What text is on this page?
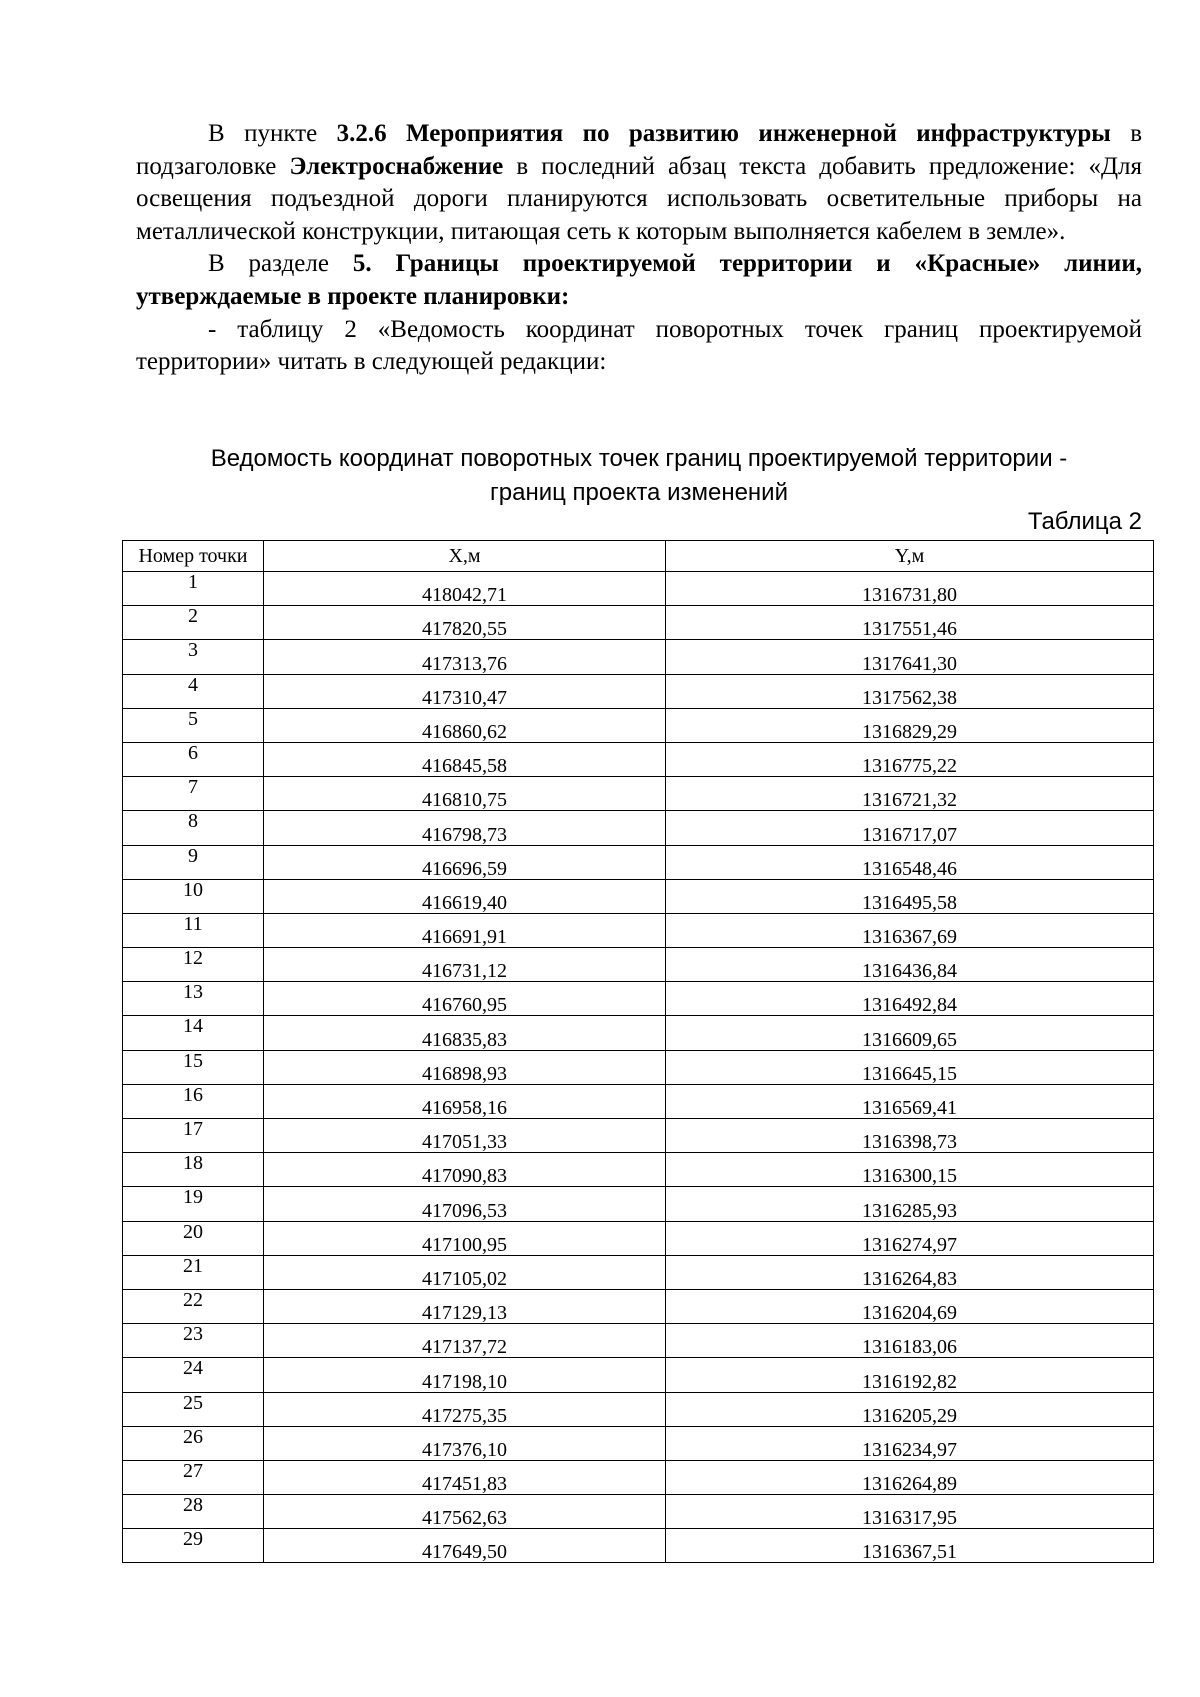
В пункте 3.2.6 Мероприятия по развитию инженерной инфраструктуры в подзаголовке Электроснабжение в последний абзац текста добавить предложение: «Для освещения подъездной дороги планируются использовать осветительные приборы на металлической конструкции, питающая сеть к которым выполняется кабелем в земле».

В разделе 5. Границы проектируемой территории и «Красные» линии, утверждаемые в проекте планировки:

- таблицу 2 «Ведомость координат поворотных точек границ проектируемой территории» читать в следующей редакции:

Ведомость координат поворотных точек границ проектируемой территории -
границ проекта изменений
Таблица 2
Номер точки	X,м	Y,м
1	418042,71	1316731,80
2	417820,55	1317551,46
3	417313,76	1317641,30
4	417310,47	1317562,38
5	416860,62	1316829,29
6	416845,58	1316775,22
7	416810,75	1316721,32
8	416798,73	1316717,07
9	416696,59	1316548,46
10	416619,40	1316495,58
11	416691,91	1316367,69
12	416731,12	1316436,84
13	416760,95	1316492,84
14	416835,83	1316609,65
15	416898,93	1316645,15
16	416958,16	1316569,41
17	417051,33	1316398,73
18	417090,83	1316300,15
19	417096,53	1316285,93
20	417100,95	1316274,97
21	417105,02	1316264,83
22	417129,13	1316204,69
23	417137,72	1316183,06
24	417198,10	1316192,82
25	417275,35	1316205,29
26	417376,10	1316234,97
27	417451,83	1316264,89
28	417562,63	1316317,95
29	417649,50	1316367,51
